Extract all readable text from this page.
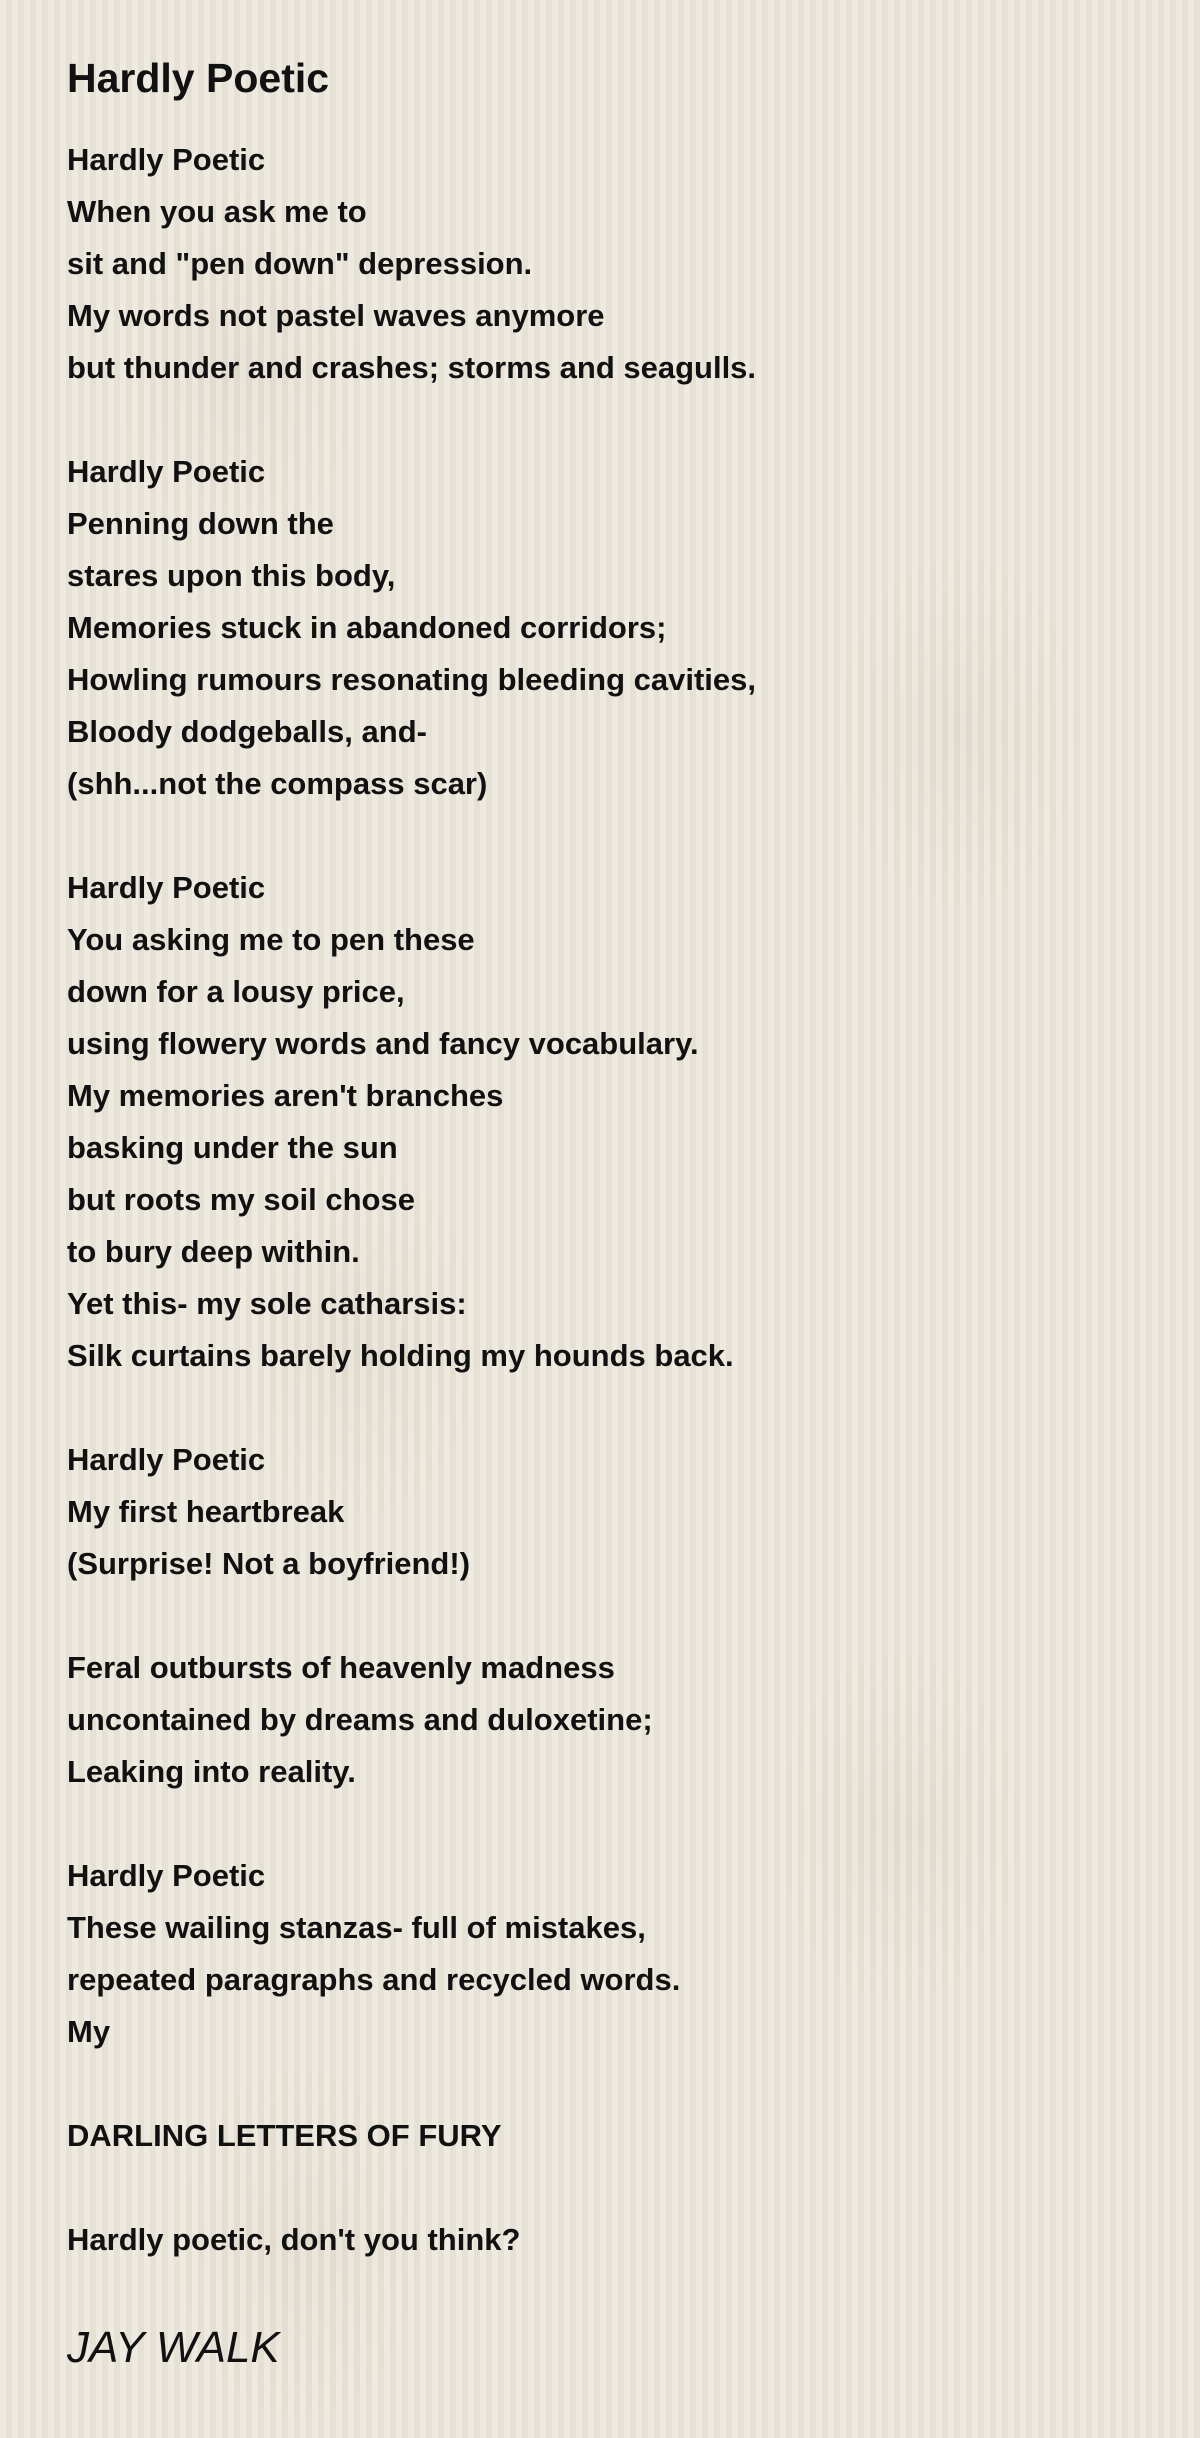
Hardly Poetic
Hardly Poetic
When you ask me to
sit and "pen down" depression.
My words not pastel waves anymore
but thunder and crashes; storms and seagulls.
Hardly Poetic
Penning down the
stares upon this body,
Memories stuck in abandoned corridors;
Howling rumours resonating bleeding cavities,
Bloody dodgeballs, and-
(shh...not the compass scar)
Hardly Poetic
You asking me to pen these
down for a lousy price,
using flowery words and fancy vocabulary.
My memories aren't branches
basking under the sun
but roots my soil chose
to bury deep within.
Yet this- my sole catharsis:
Silk curtains barely holding my hounds back.
Hardly Poetic
My first heartbreak
(Surprise! Not a boyfriend!)
Feral outbursts of heavenly madness
uncontained by dreams and duloxetine;
Leaking into reality.
Hardly Poetic
These wailing stanzas- full of mistakes,
repeated paragraphs and recycled words.
My
DARLING LETTERS OF FURY
Hardly poetic, don't you think?
JAY WALK
